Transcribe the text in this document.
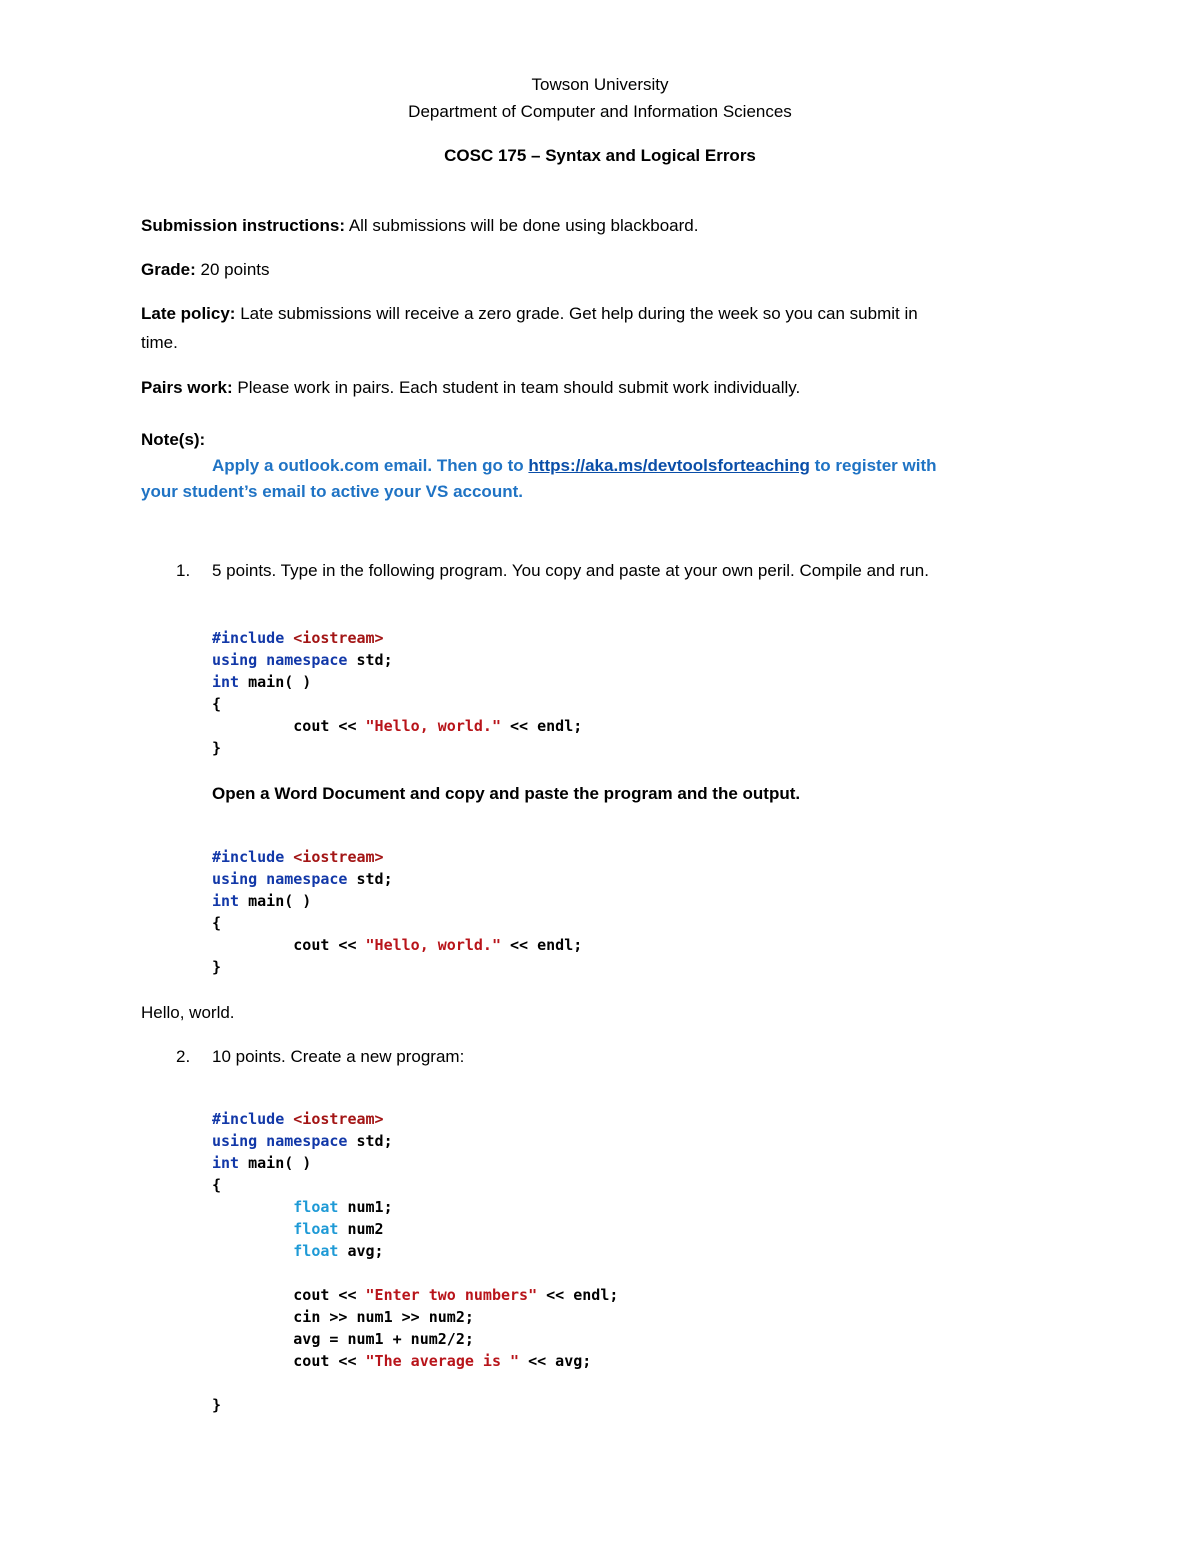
Towson University
Department of Computer and Information Sciences
COSC 175 – Syntax and Logical Errors
Submission instructions: All submissions will be done using blackboard.
Grade: 20 points
Late policy: Late submissions will receive a zero grade. Get help during the week so you can submit in
time.
Pairs work: Please work in pairs. Each student in team should submit work individually.
Note(s):
Apply a outlook.com email. Then go to https://aka.ms/devtoolsforteaching to register with
your student’s email to active your VS account.
1. 5 points. Type in the following program. You copy and paste at your own peril. Compile and run.

#include <iostream>
using namespace std;
int main( )
{
cout << "Hello, world." << endl;
}
Open a Word Document and copy and paste the program and the output.

#include <iostream>
using namespace std;
int main( )
{
cout << "Hello, world." << endl;
}
Hello, world.
2. 10 points. Create a new program:

#include <iostream>
using namespace std;
int main( )
{
float num1;
float num2
float avg;

cout << "Enter two numbers" << endl;
cin >> num1 >> num2;
avg = num1 + num2/2;
cout << "The average is " << avg;

}
